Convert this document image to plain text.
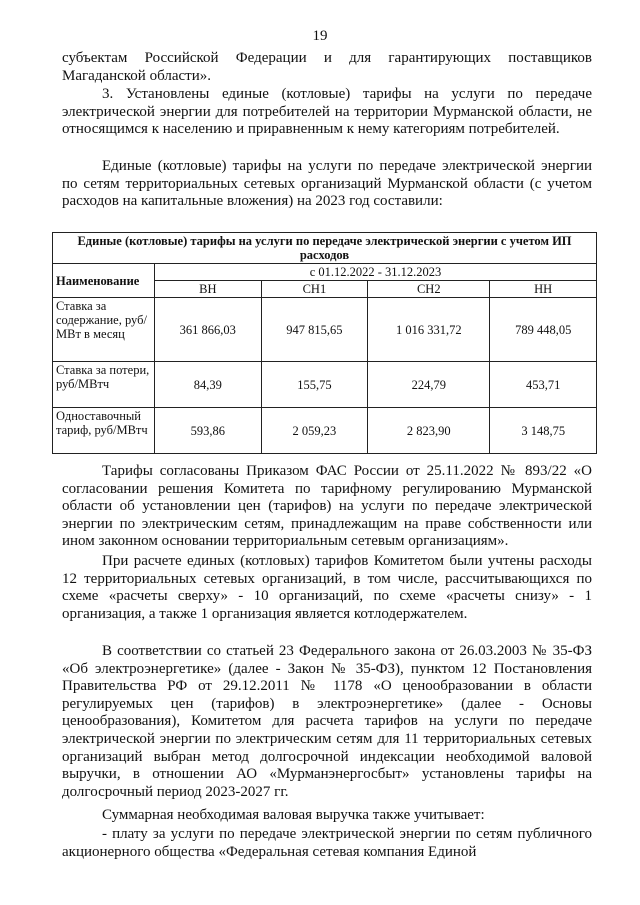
19

субъектам Российской Федерации и для гарантирующих поставщиков Магаданской области».

3. Установлены единые (котловые) тарифы на услуги по передаче электрической энергии для потребителей на территории Мурманской области, не относящимся к населению и приравненным к нему категориям потребителей.

Единые (котловые) тарифы на услуги по передаче электрической энергии по сетям территориальных сетевых организаций Мурманской области (с учетом расходов на капитальные вложения) на 2023 год составили:

Единые (котловые) тарифы на услуги по передаче электрической энергии с учетом ИП расходов				
Наименование	с 01.12.2022 - 31.12.2023			
	ВН	СН1	СН2	НН
Ставка за содержание, руб/МВт в месяц	361 866,03	947 815,65	1 016 331,72	789 448,05
Ставка за потери, руб/МВтч	84,39	155,75	224,79	453,71
Одноставочный тариф, руб/МВтч	593,86	2 059,23	2 823,90	3 148,75

Тарифы согласованы Приказом ФАС России от 25.11.2022 № 893/22 «О согласовании решения Комитета по тарифному регулированию Мурманской области об установлении цен (тарифов) на услуги по передаче электрической энергии по электрическим сетям, принадлежащим на праве собственности или ином законном основании территориальным сетевым организациям».

При расчете единых (котловых) тарифов Комитетом были учтены расходы 12 территориальных сетевых организаций, в том числе, рассчитывающихся по схеме «расчеты сверху» - 10 организаций, по схеме «расчеты снизу» - 1 организация, а также 1 организация является котлодержателем.

В соответствии со статьей 23 Федерального закона от 26.03.2003 № 35-ФЗ «Об электроэнергетике» (далее - Закон № 35-ФЗ), пунктом 12 Постановления Правительства РФ от 29.12.2011 № 1178 «О ценообразовании в области регулируемых цен (тарифов) в электроэнергетике» (далее - Основы ценообразования), Комитетом для расчета тарифов на услуги по передаче электрической энергии по электрическим сетям для 11 территориальных сетевых организаций выбран метод долгосрочной индексации необходимой валовой выручки, в отношении АО «Мурманэнергосбыт» установлены тарифы на долгосрочный период 2023-2027 гг.

Суммарная необходимая валовая выручка также учитывает:

- плату за услуги по передаче электрической энергии по сетям публичного акционерного общества «Федеральная сетевая компания Единой
